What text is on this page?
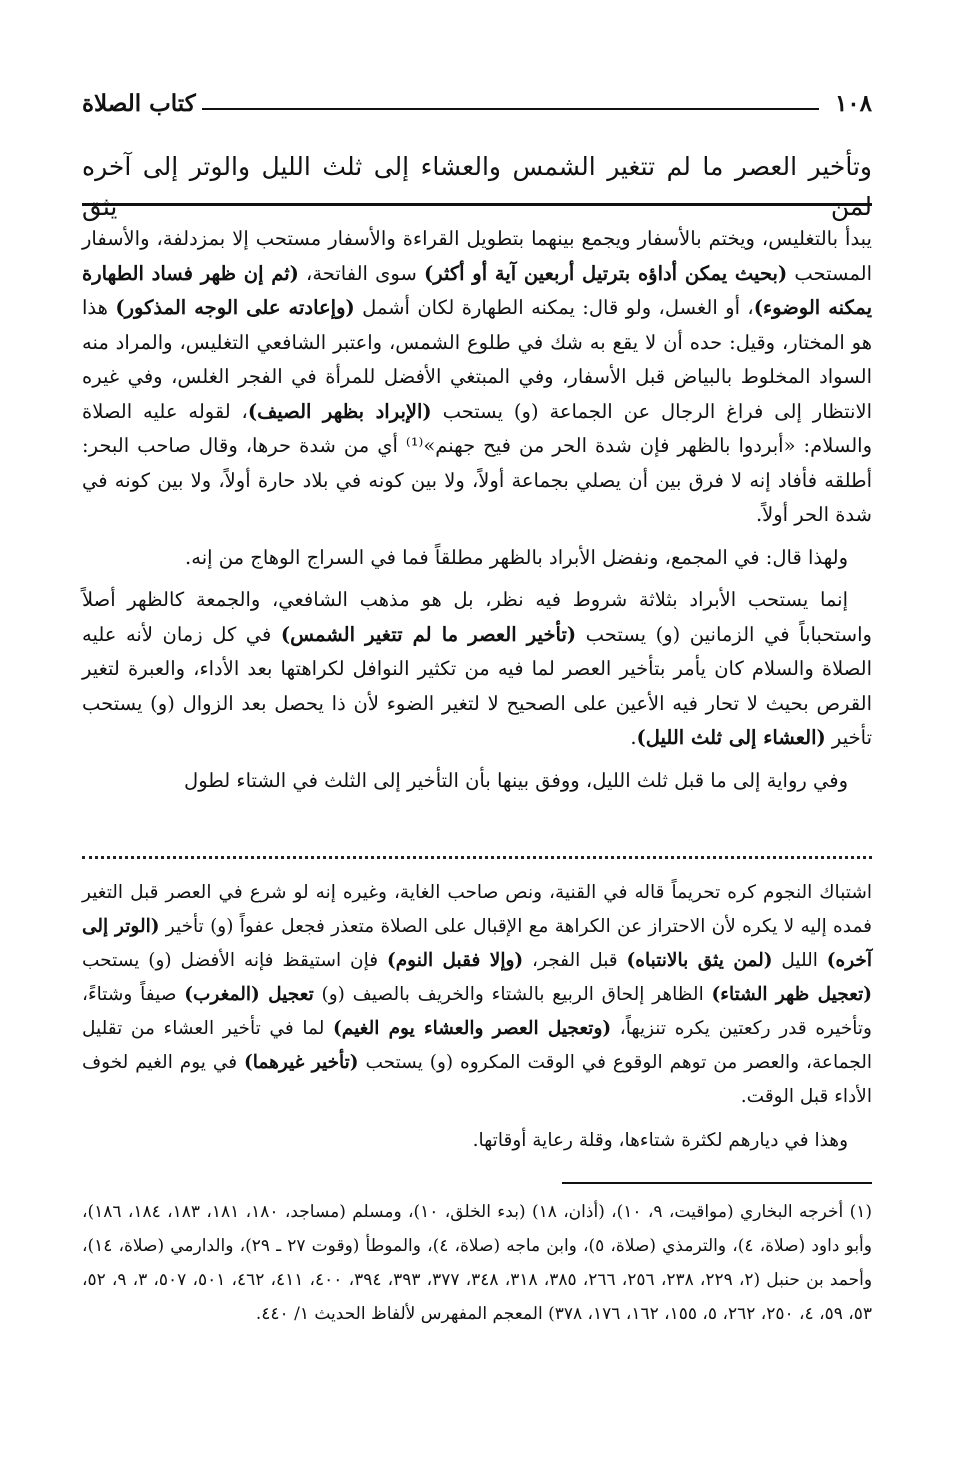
١٠٨
كتاب الصلاة
وتأخير العصر ما لم تتغير الشمس والعشاء إلى ثلث الليل والوتر إلى آخره لمن يثق

يبدأ بالتغليس، ويختم بالأسفار ويجمع بينهما بتطويل القراءة والأسفار مستحب إلا بمزدلفة، والأسفار المستحب (بحيث يمكن أداؤه بترتيل أربعين آية أو أكثر) سوى الفاتحة، (ثم إن ظهر فساد الطهارة يمكنه الوضوء)، أو الغسل، ولو قال: يمكنه الطهارة لكان أشمل (وإعادته على الوجه المذكور) هذا هو المختار، وقيل: حده أن لا يقع به شك في طلوع الشمس، واعتبر الشافعي التغليس، والمراد منه السواد المخلوط بالبياض قبل الأسفار، وفي المبتغي الأفضل للمرأة في الفجر الغلس، وفي غيره الانتظار إلى فراغ الرجال عن الجماعة (و) يستحب (الإبراد بظهر الصيف)، لقوله عليه الصلاة والسلام: «أبردوا بالظهر فإن شدة الحر من فيح جهنم»⁽¹⁾ أي من شدة حرها، وقال صاحب البحر: أطلقه فأفاد إنه لا فرق بين أن يصلي بجماعة أولاً، ولا بين كونه في بلاد حارة أولاً، ولا بين كونه في شدة الحر أولاً.

ولهذا قال: في المجمع، ونفضل الأبراد بالظهر مطلقاً فما في السراج الوهاج من إنه.

إنما يستحب الأبراد بثلاثة شروط فيه نظر، بل هو مذهب الشافعي، والجمعة كالظهر أصلاً واستحباباً في الزمانين (و) يستحب (تأخير العصر ما لم تتغير الشمس) في كل زمان لأنه عليه الصلاة والسلام كان يأمر بتأخير العصر لما فيه من تكثير النوافل لكراهتها بعد الأداء، والعبرة لتغير القرص بحيث لا تحار فيه الأعين على الصحيح لا لتغير الضوء لأن ذا يحصل بعد الزوال (و) يستحب تأخير (العشاء إلى ثلث الليل).

وفي رواية إلى ما قبل ثلث الليل، ووفق بينها بأن التأخير إلى الثلث في الشتاء لطول

اشتباك النجوم كره تحريماً قاله في القنية، ونص صاحب الغاية، وغيره إنه لو شرع في العصر قبل التغير فمده إليه لا يكره لأن الاحتراز عن الكراهة مع الإقبال على الصلاة متعذر فجعل عفواً (و) تأخير (الوتر إلى آخره) الليل (لمن يثق بالانتباه) قبل الفجر، (وإلا فقبل النوم) فإن استيقظ فإنه الأفضل (و) يستحب (تعجيل ظهر الشتاء) الظاهر إلحاق الربيع بالشتاء والخريف بالصيف (و) تعجيل (المغرب) صيفاً وشتاءً، وتأخيره قدر ركعتين يكره تنزيهاً، (وتعجيل العصر والعشاء يوم الغيم) لما في تأخير العشاء من تقليل الجماعة، والعصر من توهم الوقوع في الوقت المكروه (و) يستحب (تأخير غيرهما) في يوم الغيم لخوف الأداء قبل الوقت.

وهذا في ديارهم لكثرة شتاءها، وقلة رعاية أوقاتها.

(١) أخرجه البخاري (مواقيت، ٩، ١٠)، (أذان، ١٨) (بدء الخلق، ١٠)، ومسلم (مساجد، ١٨٠، ١٨١، ١٨٣، ١٨٤، ١٨٦)، وأبو داود (صلاة، ٤)، والترمذي (صلاة، ٥)، وابن ماجه (صلاة، ٤)، والموطأ (وقوت ٢٧ ـ ٢٩)، والدارمي (صلاة، ١٤)، وأحمد بن حنبل (٢، ٢٢٩، ٢٣٨، ٢٥٦، ٢٦٦، ٣٨٥، ٣١٨، ٣٤٨، ٣٧٧، ٣٩٣، ٣٩٤، ٤٠٠، ٤١١، ٤٦٢، ٥٠١، ٥٠٧، ٣، ٩، ٥٢، ٥٣، ٥٩، ٤، ٢٥٠، ٢٦٢، ٥، ١٥٥، ١٦٢، ١٧٦، ٣٧٨) المعجم المفهرس لألفاظ الحديث ١/ ٤٤٠.
